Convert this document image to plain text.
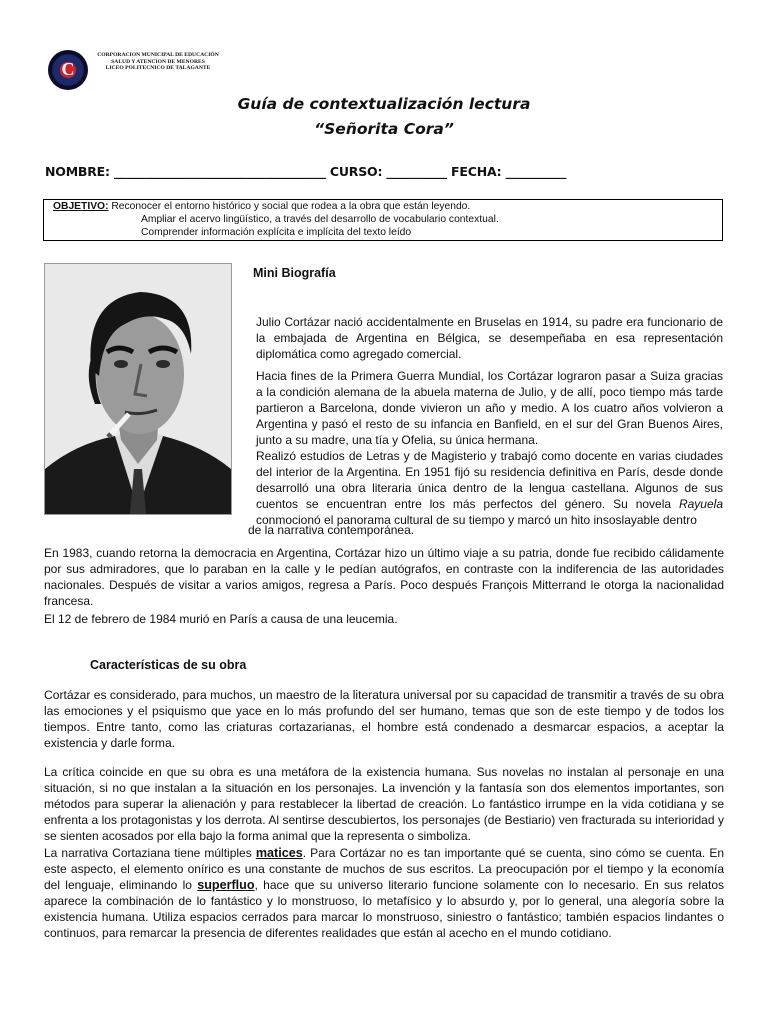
C
CORPORACION MUNICIPAL DE EDUCACIÓN
SALUD Y ATENCION DE MENORES
LICEO POLITECNICO DE TALAGANTE
Guía de contextualización lectura
“Señorita Cora”
NOMBRE: ___________________________________ CURSO: __________ FECHA: __________
OBJETIVO: Reconocer el entorno histórico y social que rodea a la obra que están leyendo.
Ampliar el acervo lingüístico, a través del desarrollo de vocabulario contextual.
Comprender información explícita e implícita del texto leído
Mini Biografía
Julio Cortázar nació accidentalmente en Bruselas en 1914, su padre era funcionario de la embajada de Argentina en Bélgica, se desempeñaba en esa representación diplomática como agregado comercial.
Hacia fines de la Primera Guerra Mundial, los Cortázar lograron pasar a Suiza gracias a la condición alemana de la abuela materna de Julio, y de allí, poco tiempo más tarde partieron a Barcelona, donde vivieron un año y medio. A los cuatro años volvieron a Argentina y pasó el resto de su infancia en Banfield, en el sur del Gran Buenos Aires, junto a su madre, una tía y Ofelia, su única hermana.
Realizó estudios de Letras y de Magisterio y trabajó como docente en varias ciudades del interior de la Argentina. En 1951 fijó su residencia definitiva en París, desde donde desarrolló una obra literaria única dentro de la lengua castellana. Algunos de sus cuentos se encuentran entre los más perfectos del género. Su novela Rayuela conmocionó el panorama cultural de su tiempo y marcó un hito insoslayable dentro
de la narrativa contemporánea.
En 1983, cuando retorna la democracia en Argentina, Cortázar hizo un último viaje a su patria, donde fue recibido cálidamente por sus admiradores, que lo paraban en la calle y le pedían autógrafos, en contraste con la indiferencia de las autoridades nacionales. Después de visitar a varios amigos, regresa a París. Poco después François Mitterrand le otorga la nacionalidad francesa.
El 12 de febrero de 1984 murió en París a causa de una leucemia.
Características de su obra
Cortázar es considerado, para muchos, un maestro de la literatura universal por su capacidad de transmitir a través de su obra las emociones y el psiquismo que yace en lo más profundo del ser humano, temas que son de este tiempo y de todos los tiempos. Entre tanto, como las criaturas cortazarianas, el hombre está condenado a desmarcar espacios, a aceptar la existencia y darle forma.
La crítica coincide en que su obra es una metáfora de la existencia humana. Sus novelas no instalan al personaje en una situación, si no que instalan a la situación en los personajes. La invención y la fantasía son dos elementos importantes, son métodos para superar la alienación y para restablecer la libertad de creación. Lo fantástico irrumpe en la vida cotidiana y se enfrenta a los protagonistas y los derrota. Al sentirse descubiertos, los personajes (de Bestiario) ven fracturada su interioridad y se sienten acosados por ella bajo la forma animal que la representa o simboliza.
La narrativa Cortaziana tiene múltiples matices. Para Cortázar no es tan importante qué se cuenta, sino cómo se cuenta. En este aspecto, el elemento onírico es una constante de muchos de sus escritos. La preocupación por el tiempo y la economía del lenguaje, eliminando lo superfluo, hace que su universo literario funcione solamente con lo necesario. En sus relatos aparece la combinación de lo fantástico y lo monstruoso, lo metafísico y lo absurdo y, por lo general, una alegoría sobre la existencia humana. Utiliza espacios cerrados para marcar lo monstruoso, siniestro o fantástico; también espacios lindantes o continuos, para remarcar la presencia de diferentes realidades que están al acecho en el mundo cotidiano.
